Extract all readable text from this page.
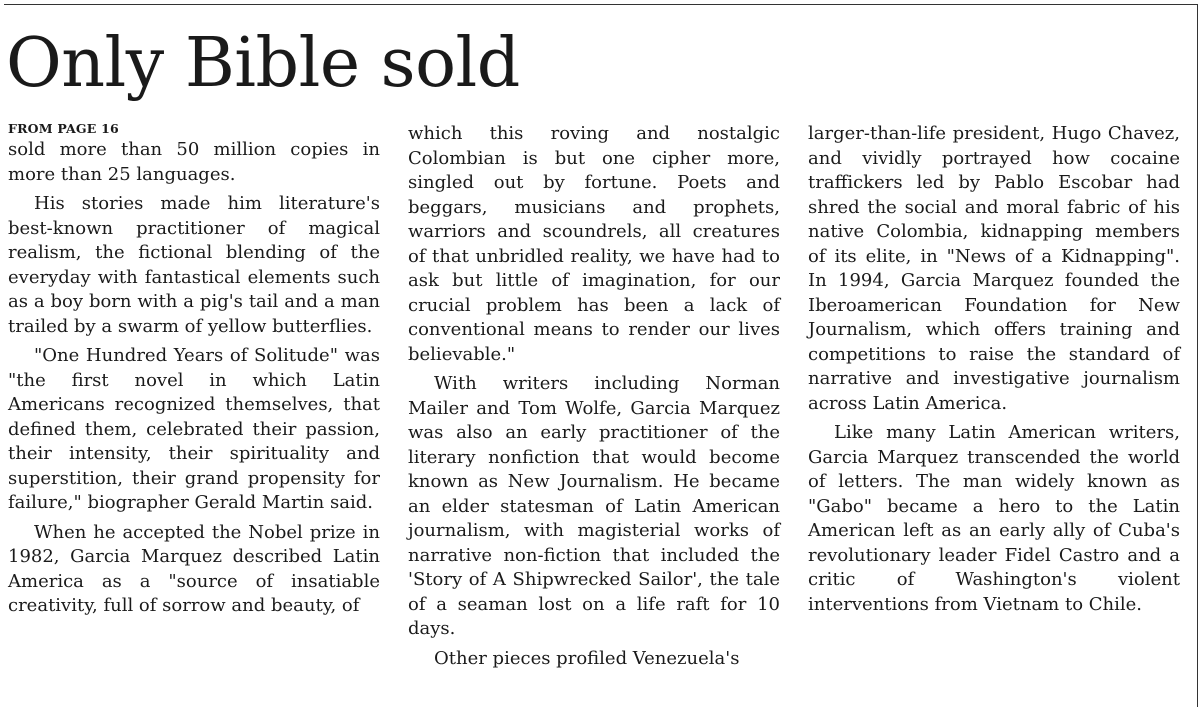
Only Bible sold
FROM PAGE 16

sold more than 50 million copies in more than 25 languages.

His stories made him literature's best-known practitioner of magical realism, the fictional blending of the everyday with fantastical elements such as a boy born with a pig's tail and a man trailed by a swarm of yellow butterflies.

"One Hundred Years of Solitude" was "the first novel in which Latin Americans recognized themselves, that defined them, celebrated their passion, their intensity, their spirituality and superstition, their grand propensity for failure," biographer Gerald Martin said.

When he accepted the Nobel prize in 1982, Garcia Marquez described Latin America as a "source of insatiable creativity, full of sorrow and beauty, of

which this roving and nostalgic Colombian is but one cipher more, singled out by fortune. Poets and beggars, musicians and prophets, warriors and scoundrels, all creatures of that unbridled reality, we have had to ask but little of imagination, for our crucial problem has been a lack of conventional means to render our lives believable."

With writers including Norman Mailer and Tom Wolfe, Garcia Marquez was also an early practitioner of the literary nonfiction that would become known as New Journalism. He became an elder statesman of Latin American journalism, with magisterial works of narrative non-fiction that included the 'Story of A Shipwrecked Sailor', the tale of a seaman lost on a life raft for 10 days.

Other pieces profiled Venezuela's

larger-than-life president, Hugo Chavez, and vividly portrayed how cocaine traffickers led by Pablo Escobar had shred the social and moral fabric of his native Colombia, kidnapping members of its elite, in "News of a Kidnapping". In 1994, Garcia Marquez founded the Iberoamerican Foundation for New Journalism, which offers training and competitions to raise the standard of narrative and investigative journalism across Latin America.

Like many Latin American writers, Garcia Marquez transcended the world of letters. The man widely known as "Gabo" became a hero to the Latin American left as an early ally of Cuba's revolutionary leader Fidel Castro and a critic of Washington's violent interventions from Vietnam to Chile.
